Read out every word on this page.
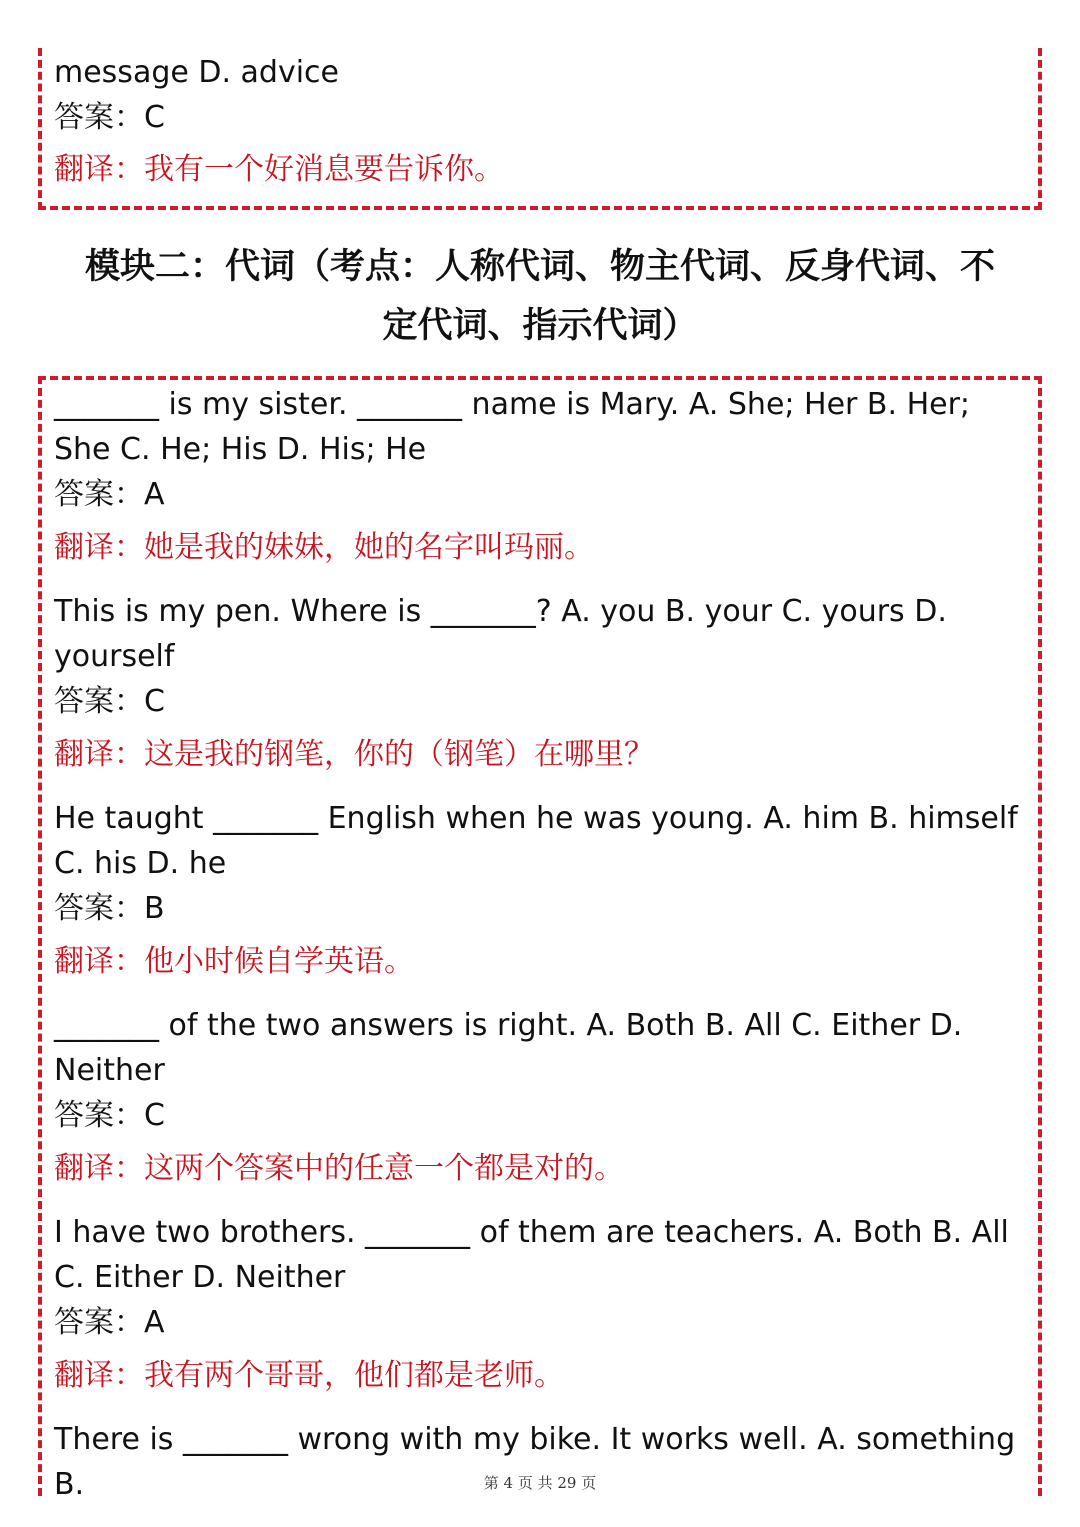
message D. advice

答案：C

翻译：我有一个好消息要告诉你。

模块二：代词（考点：人称代词、物主代词、反身代词、不

定代词、指示代词）

_______ is my sister. _______ name is Mary. A. She; Her B. Her; She C. He; His D. His; He

答案：A

翻译：她是我的妹妹，她的名字叫玛丽。

This is my pen. Where is _______? A. you B. your C. yours D. yourself

答案：C

翻译：这是我的钢笔，你的（钢笔）在哪里？

He taught _______ English when he was young. A. him B. himself C. his D. he

答案：B

翻译：他小时候自学英语。

_______ of the two answers is right. A. Both B. All C. Either D. Neither

答案：C

翻译：这两个答案中的任意一个都是对的。

I have two brothers. _______ of them are teachers. A. Both B. All C. Either D. Neither

答案：A

翻译：我有两个哥哥，他们都是老师。

There is _______ wrong with my bike. It works well. A. something B.	第 4 页 共 29 页
